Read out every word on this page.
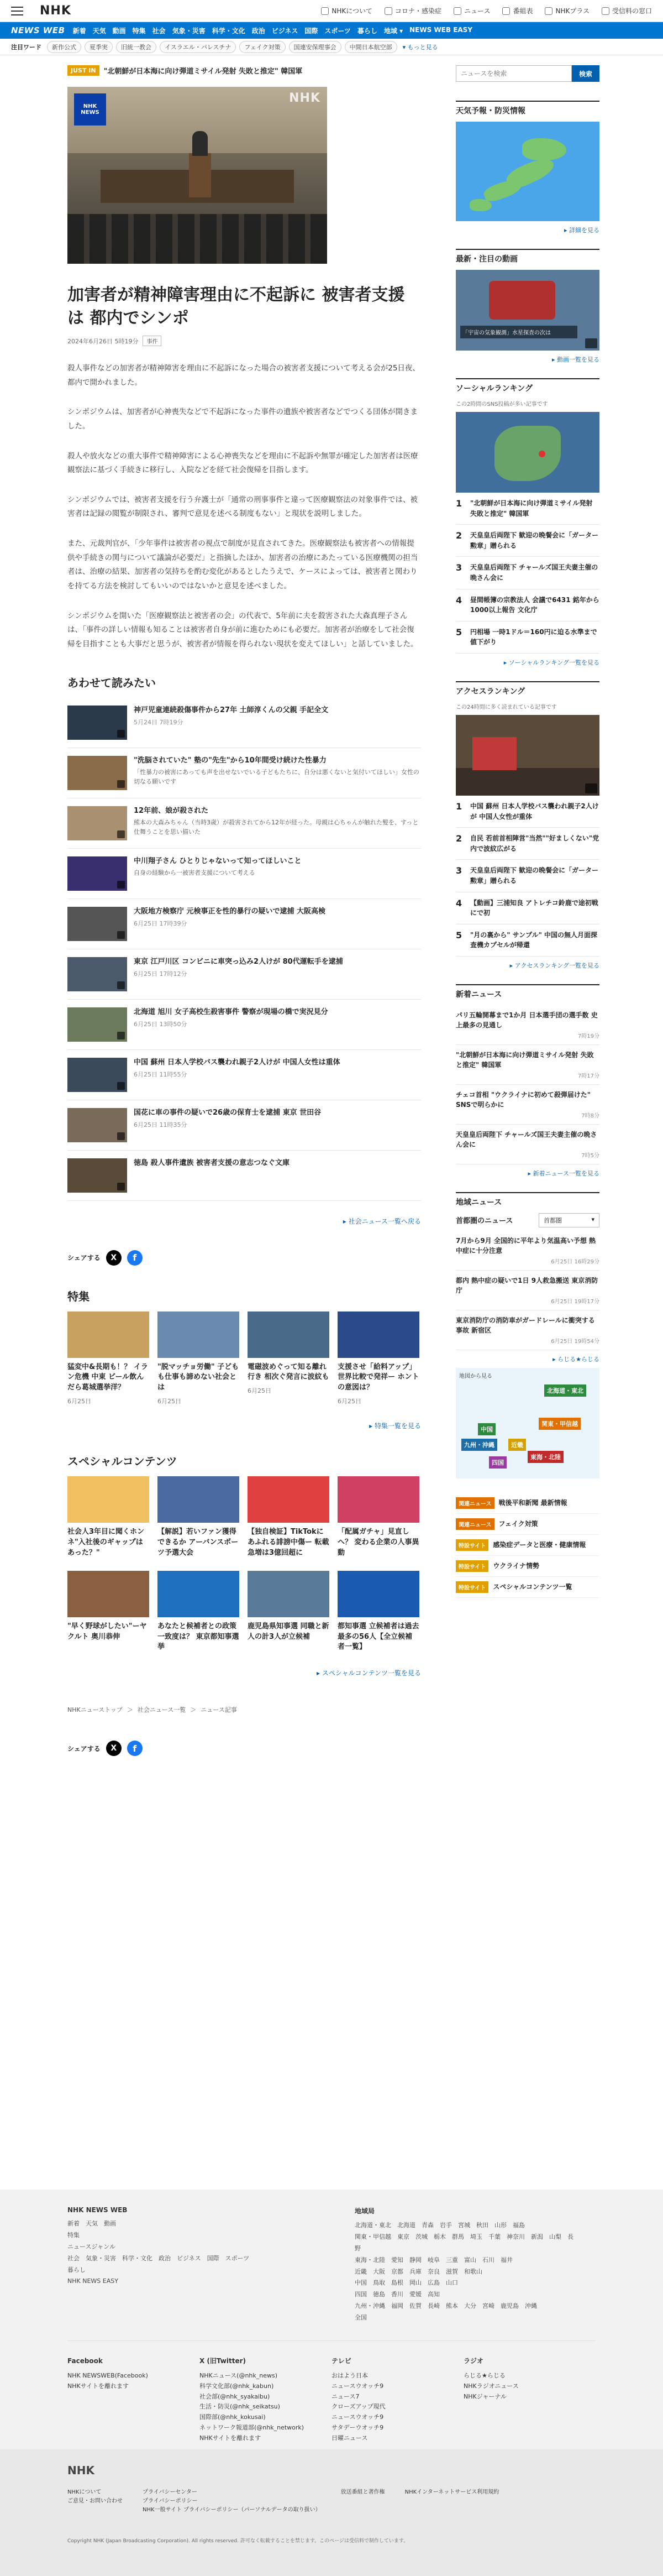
NHK	NHKについて	コロナ・感染症	ニュース	番組表	NHKプラス	受信料の窓口
NEWS WEB 新着 天気 動画 特集 社会 気象・災害 科学・文化 政治 ビジネス 国際 スポーツ 暮らし 地域 ▾ NEWS WEB EASY
注目ワード	新作公式	夏季実	旧統一教会	イスラエル・パレスチナ	フェイク対策	国連安保理事会	中間日本航空部	▾ もっと見る
JUST IN	"北朝鮮が日本海に向け弾道ミサイル発射 失敗と推定" 韓国軍
NHK
NEWS
NHK
加害者が精神障害理由に不起訴に 被害者支援は 都内でシンポ
2024年6月26日 5時19分	事件

殺人事件などの加害者が精神障害を理由に不起訴になった場合の被害者支援について考える会が25日夜、都内で開かれました。

シンポジウムは、加害者が心神喪失などで不起訴になった事件の遺族や被害者などでつくる団体が開きました。

殺人や放火などの重大事件で精神障害による心神喪失などを理由に不起訴や無罪が確定した加害者は医療観察法に基づく手続きに移行し、入院などを経て社会復帰を目指します。

シンポジウムでは、被害者支援を行う弁護士が「通常の刑事事件と違って医療観察法の対象事件では、被害者は記録の閲覧が制限され、審判で意見を述べる制度もない」と現状を説明しました。

また、元裁判官が、「少年事件は被害者の視点で制度が見直されてきた。医療観察法も被害者への情報提供や手続きの関与について議論が必要だ」と指摘したほか、加害者の治療にあたっている医療機関の担当者は、治療の結果、加害者の気持ちを酌む変化があるとしたうえで、ケースによっては、被害者と関わりを持てる方法を検討してもいいのではないかと意見を述べました。

シンポジウムを開いた「医療観察法と被害者の会」の代表で、5年前に夫を殺害された大森真理子さんは、「事件の詳しい情報も知ることは被害者自身が前に進むためにも必要だ。加害者が治療をして社会復帰を目指すことも大事だと思うが、被害者が情報を得られない現状を変えてほしい」と話していました。

あわせて読みたい
神戸児童連続殺傷事件から27年 土師淳くんの父親 手記全文
5月24日 7時19分
"洗脳されていた" 塾の"先生"から10年間受け続けた性暴力
「性暴力の被害にあっても声を出せないでいる子どもたちに、自分は悪くないと気付いてほしい」女性の切なる願いです
12年前、娘が殺された
熊本の大森みちゃん（当時3歳）が殺害されてから12年が経った。母親は心ちゃんが触れた髪を、すっと仕舞うことを思い描いた
中川翔子さん ひとりじゃないって知ってほしいこと
自身の経験から一被害者支援について考える
大阪地方検察庁 元検事正を性的暴行の疑いで逮捕 大阪高検
6月25日 17時39分
東京 江戸川区 コンビニに車突っ込み2人けが 80代運転手を逮捕
6月25日 17時12分
北海道 旭川 女子高校生殺害事件 警察が現場の橋で実況見分
6月25日 13時50分
中国 蘇州 日本人学校バス襲われ親子2人けが 中国人女性は重体
6月25日 11時55分
国花に車の事件の疑いで26歳の保育士を逮捕 東京 世田谷
6月25日 11時35分
徳島 殺人事件遺族 被害者支援の意志つなぐ文庫
▸ 社会ニュース一覧へ戻る
シェアする	X	f
特集
猛変中&長期も！？ イラン危機 中東 ビール飲んだら葛城選挙洋？
6月25日
"脱マッチョ労働" 子どもも仕事も諦めない社会とは
6月25日
電磁波めぐって知る離れ行き 相次ぐ発言に波紋も
6月25日
支援させ「給料アップ」世界比較で発祥ー ホントの意図は？
6月25日
▸ 特集一覧を見る
スペシャルコンテンツ
社会人3年目に聞くホンネ"入社後のギャップはあった？"
【解説】若いファン獲得できるか アーバンスポーツ予選大会
【独自検証】TikTokにあふれる誹謗中傷ー 転載急増は3億回超に
「配属ガチャ」見直しへ？ 変わる企業の人事異動
"早く野球がしたい"ーヤクルト 奥川恭伸
あなたと候補者との政策一致度は？ 東京都知事選挙
鹿児島県知事選 同職と新人の計3人が立候補
都知事選 立候補者は過去最多の56人【全立候補者一覧】
▸ スペシャルコンテンツ一覧を見る
NHKニューストップ ＞ 社会ニュース一覧 ＞ ニュース記事
シェアする	X	f
ニュースを検索
検索
天気予報・防災情報
▸ 詳細を見る
最新・注目の動画
「宇宙の気象観測」水星探査の次は
▸ 動画一覧を見る
ソーシャルランキング
この2時間のSNS投稿が多い記事です
1	"北朝鮮が日本海に向け弾道ミサイル発射 失敗と推定" 韓国軍
2	天皇皇后両陛下 歓迎の晩餐会に「ガーター勲章」贈られる
3	天皇皇后両陛下 チャールズ国王夫妻主催の晩さん会に
4	昼間帳簿の宗教法人 会議で6431 銘年から1000以上報告 文化庁
5	円相場 一時1ドル＝160円に迫る水準まで値下がり
▸ ソーシャルランキング一覧を見る
アクセスランキング
この24時間に多く読まれている記事です
1	中国 蘇州 日本人学校バス襲われ親子2人けが 中国人女性が重体
2	自民 若前首相陣営"当然""好ましくない"党内で波紋広がる
3	天皇皇后両陛下 歓迎の晩餐会に「ガーター勲章」贈られる
4	【動画】三浦知良 アトレチコ鈴鹿で途初戦にで初
5	"月の裏から" サンプル" 中国の無人月面探査機カプセルが帰還
▸ アクセスランキング一覧を見る
新着ニュース
パリ五輪開幕まで1か月 日本選手団の選手数 史上最多の見通し
7時19分
"北朝鮮が日本海に向け弾道ミサイル発射 失敗と推定" 韓国軍
7時17分
チェコ首相 "ウクライナに初めて殺弾届けた" SNSで明らかに
7時8分
天皇皇后両陛下 チャールズ国王夫妻主催の晩さん会に
7時5分
▸ 新着ニュース一覧を見る
地域ニュース
首都圏のニュース	首都圏	▾
7月から9月 全国的に平年より気温高い予想 熱中症に十分注意
6月25日 16時29分
都内 熱中症の疑いで1日 9人救急搬送 東京消防庁
6月25日 19時17分
東京消防庁の消防車がガードレールに衝突する事故 新宿区
6月25日 19時54分
▸ らじる★らじる
地図から見る
北海道・東北
関東・甲信越
中国
九州・沖縄
四国
東海・北陸
近畿
関連ニュース	戦後平和新聞 最新情報
関連ニュース	フェイク対策
特設サイト	感染症データと医療・健康情報
特設サイト	ウクライナ情勢
特設サイト	スペシャルコンテンツ一覧
NHK NEWS WEB
新着　天気　動画
特集
ニュースジャンル
社会　気象・災害　科学・文化　政治　ビジネス　国際　スポーツ
暮らし
NHK NEWS EASY
地域局
北海道・東北　北海道　青森　岩手　宮城　秋田　山形　福島
関東・甲信越　東京　茨城　栃木　群馬　埼玉　千葉　神奈川　新潟　山梨　長野
東海・北陸　愛知　静岡　岐阜　三重　富山　石川　福井
近畿　大阪　京都　兵庫　奈良　滋賀　和歌山
中国　鳥取　島根　岡山　広島　山口
四国　徳島　香川　愛媛　高知
九州・沖縄　福岡　佐賀　長崎　熊本　大分　宮崎　鹿児島　沖縄
全国
Facebook
NHK NEWSWEB(Facebook)
NHKサイトを離れます
X (旧Twitter)
NHKニュース(@nhk_news)
科学文化部(@nhk_kabun)
社会部(@nhk_syakaibu)
生活・防災(@nhk_seikatsu)
国際部(@nhk_kokusai)
ネットワーク報道部(@nhk_network)
NHKサイトを離れます
テレビ
おはよう日本
ニュースウオッチ9
ニュース7
クローズアップ現代
ニュースウオッチ9
サタデーウオッチ9
日曜ニュース
ラジオ
らじる★らじる
NHKラジオニュース
NHKジャーナル
NHK
NHKについて
ご意見・お問い合わせ
プライバシーセンター
プライバシーポリシー
NHK一般サイト プライバシーポリシー（パーソナルデータの取り扱い）
放送番組と著作権	NHKインターネットサービス利用規約
Copyright NHK (Japan Broadcasting Corporation). All rights reserved. 許可なく転載することを禁じます。このページは受信料で制作しています。
